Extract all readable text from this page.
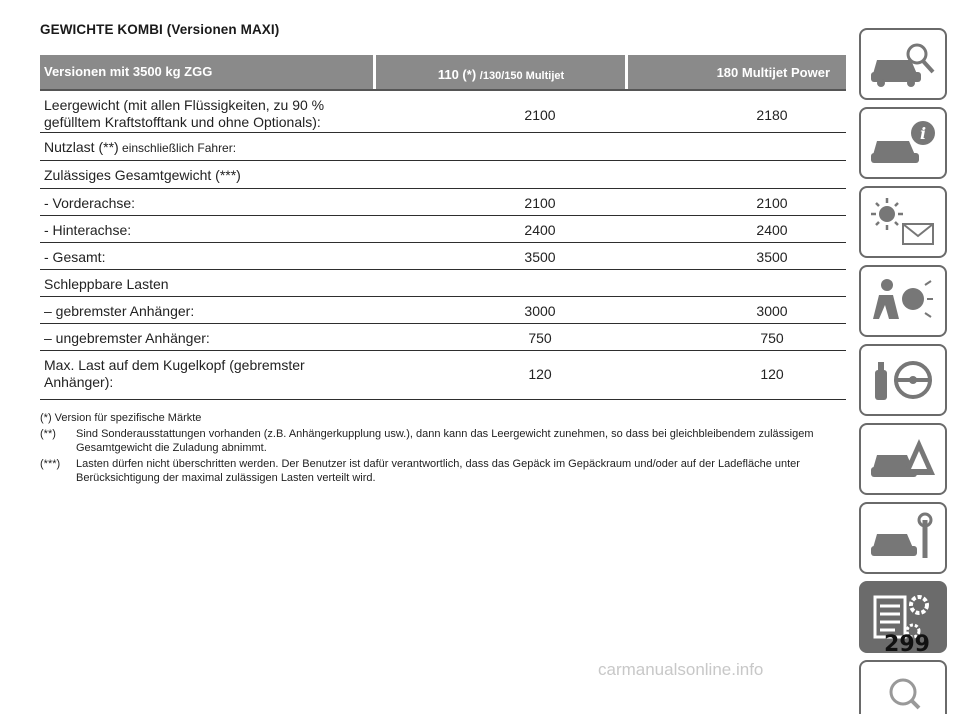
GEWICHTE KOMBI (Versionen MAXI)
Versionen mit 3500 kg ZGG	110 (*) /130/150 Multijet	180 Multijet Power
Leergewicht (mit allen Flüssigkeiten, zu 90 %
gefülltem Kraftstofftank und ohne Optionals):	2100	2180
Nutzlast (**) einschließlich Fahrer:
Zulässiges Gesamtgewicht (***)
- Vorderachse:	2100	2100
- Hinterachse:	2400	2400
- Gesamt:	3500	3500
Schleppbare Lasten
– gebremster Anhänger:	3000	3000
– ungebremster Anhänger:	750	750
Max. Last auf dem Kugelkopf (gebremster
Anhänger):	120	120
(*) Version für spezifische Märkte
(**) Sind Sonderausstattungen vorhanden (z.B. Anhängerkupplung usw.), dann kann das Leergewicht zunehmen, so dass bei gleichbleibendem zulässigem Gesamtgewicht die Zuladung abnimmt.
(***) Lasten dürfen nicht überschritten werden. Der Benutzer ist dafür verantwortlich, dass das Gepäck im Gepäckraum und/oder auf der Ladefläche unter Berücksichtigung der maximal zulässigen Lasten verteilt wird.
i
299
carmanualsonline.info
